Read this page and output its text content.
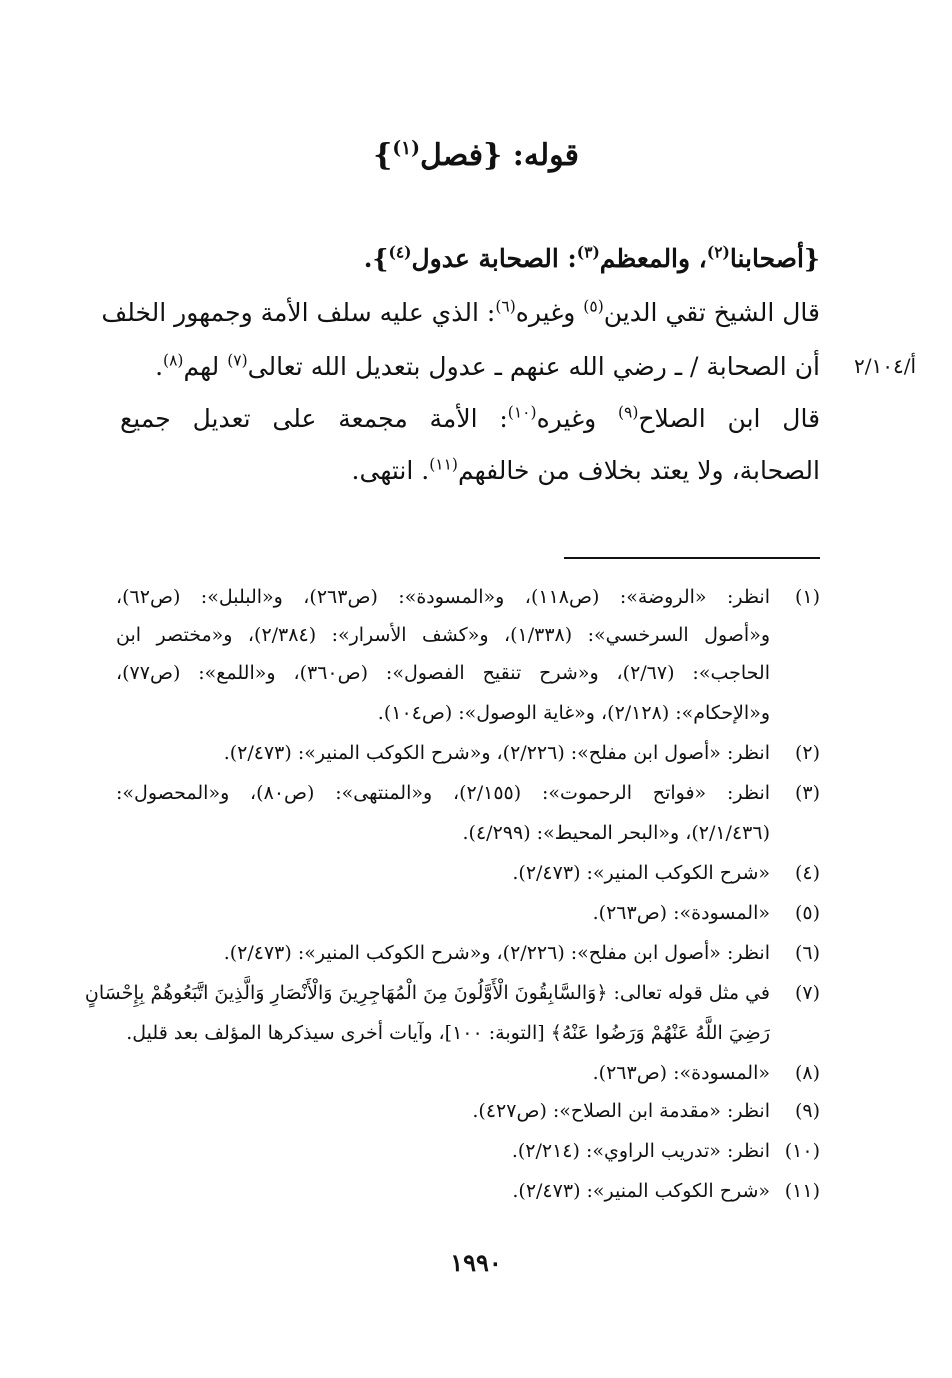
قوله: {فصل$^{(١)}$}
{أصحابنا$^{(٢)}$، والمعظم$^{(٣)}$: الصحابة عدول$^{(٤)}$}.
قال الشيخ تقي الدين$^{(٥)}$ وغيره$^{(٦)}$: الذي عليه سلف الأمة وجمهور الخلف
أن الصحابة / ـ رضي الله عنهم ـ عدول بتعديل الله تعالى$^{(٧)}$ لهم$^{(٨)}$.
قال ابن الصلاح$^{(٩)}$ وغيره$^{(١٠)}$: الأمة مجمعة على تعديل جميع
الصحابة، ولا يعتد بخلاف من خالفهم$^{(١١)}$. انتهى.
أ/٢/١٠٤
(١)
انظر: «الروضة»: (ص١١٨)، و«المسودة»: (ص٢٦٣)، و«البلبل»: (ص٦٢)،
و«أصول السرخسي»: (١/٣٣٨)، و«كشف الأسرار»: (٢/٣٨٤)، و«مختصر ابن
الحاجب»: (٢/٦٧)، و«شرح تنقيح الفصول»: (ص٣٦٠)، و«اللمع»: (ص٧٧)،
و«الإحكام»: (٢/١٢٨)، و«غاية الوصول»: (ص١٠٤).
(٢)
انظر: «أصول ابن مفلح»: (٢/٢٢٦)، و«شرح الكوكب المنير»: (٢/٤٧٣).
(٣)
انظر: «فواتح الرحموت»: (٢/١٥٥)، و«المنتهى»: (ص٨٠)، و«المحصول»:
(٢/١/٤٣٦)، و«البحر المحيط»: (٤/٢٩٩).
(٤)
«شرح الكوكب المنير»: (٢/٤٧٣).
(٥)
«المسودة»: (ص٢٦٣).
(٦)
انظر: «أصول ابن مفلح»: (٢/٢٢٦)، و«شرح الكوكب المنير»: (٢/٤٧٣).
(٧)
في مثل قوله تعالى: ﴿وَالسَّابِقُونَ الْأَوَّلُونَ مِنَ الْمُهَاجِرِينَ وَالْأَنْصَارِ وَالَّذِينَ اتَّبَعُوهُمْ بِإِحْسَانٍ
رَضِيَ اللَّهُ عَنْهُمْ وَرَضُوا عَنْهُ﴾ [التوبة: ١٠٠]، وآيات أخرى سيذكرها المؤلف بعد قليل.
(٨)
«المسودة»: (ص٢٦٣).
(٩)
انظر: «مقدمة ابن الصلاح»: (ص٤٢٧).
(١٠)
انظر: «تدريب الراوي»: (٢/٢١٤).
(١١)
«شرح الكوكب المنير»: (٢/٤٧٣).
١٩٩٠
